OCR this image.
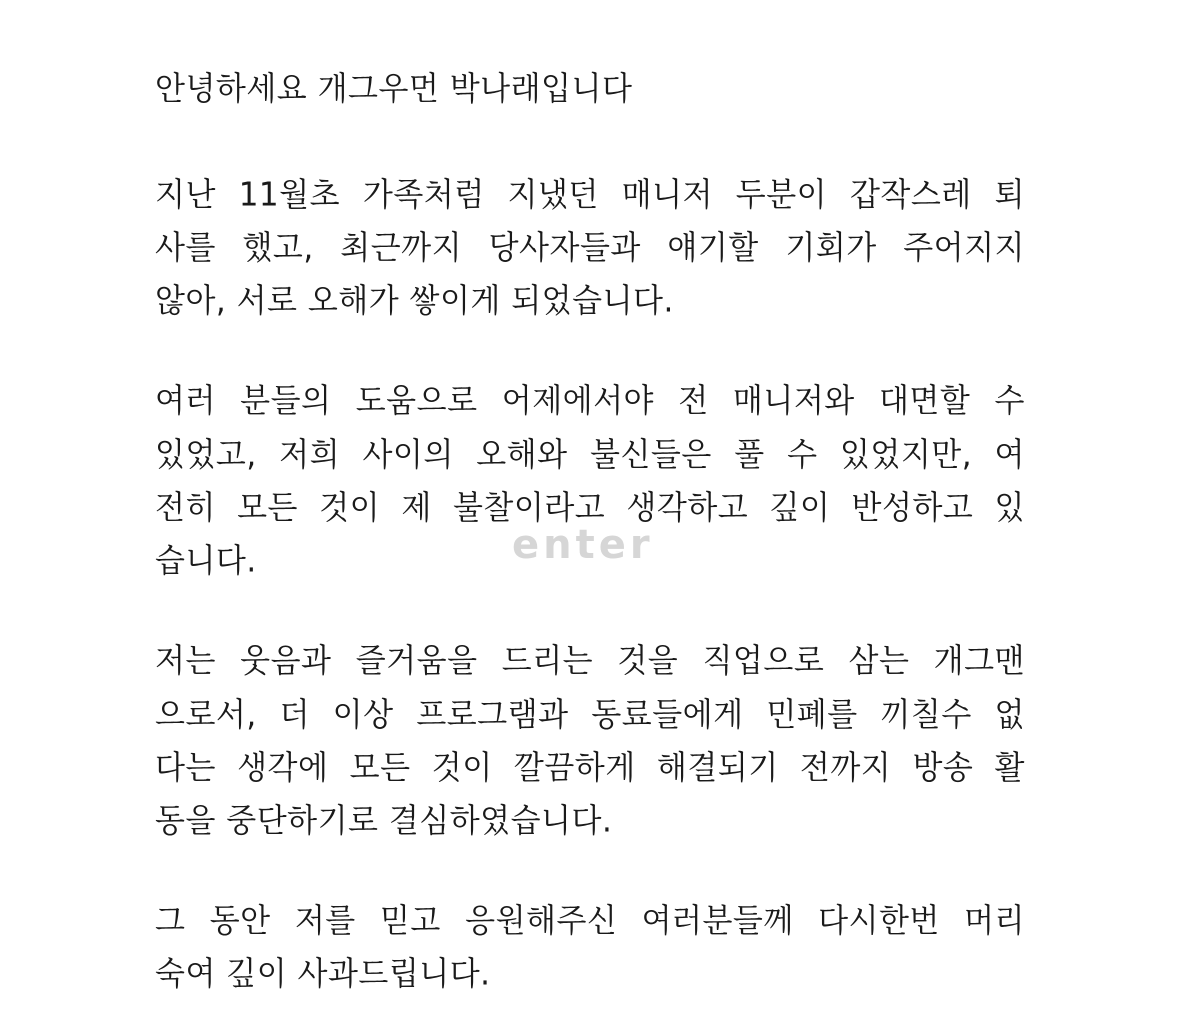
안녕하세요 개그우먼 박나래입니다
지난 11월초 가족처럼 지냈던 매니저 두분이 갑작스레 퇴
사를 했고, 최근까지 당사자들과 얘기할 기회가 주어지지
않아, 서로 오해가 쌓이게 되었습니다.
여러 분들의 도움으로 어제에서야 전 매니저와 대면할 수
있었고, 저희 사이의 오해와 불신들은 풀 수 있었지만, 여
전히 모든 것이 제 불찰이라고 생각하고 깊이 반성하고 있
습니다.
저는 웃음과 즐거움을 드리는 것을 직업으로 삼는 개그맨
으로서, 더 이상 프로그램과 동료들에게 민폐를 끼칠수 없
다는 생각에 모든 것이 깔끔하게 해결되기 전까지 방송 활
동을 중단하기로 결심하였습니다.
그 동안 저를 믿고 응원해주신 여러분들께 다시한번 머리
숙여 깊이 사과드립니다.
enter
